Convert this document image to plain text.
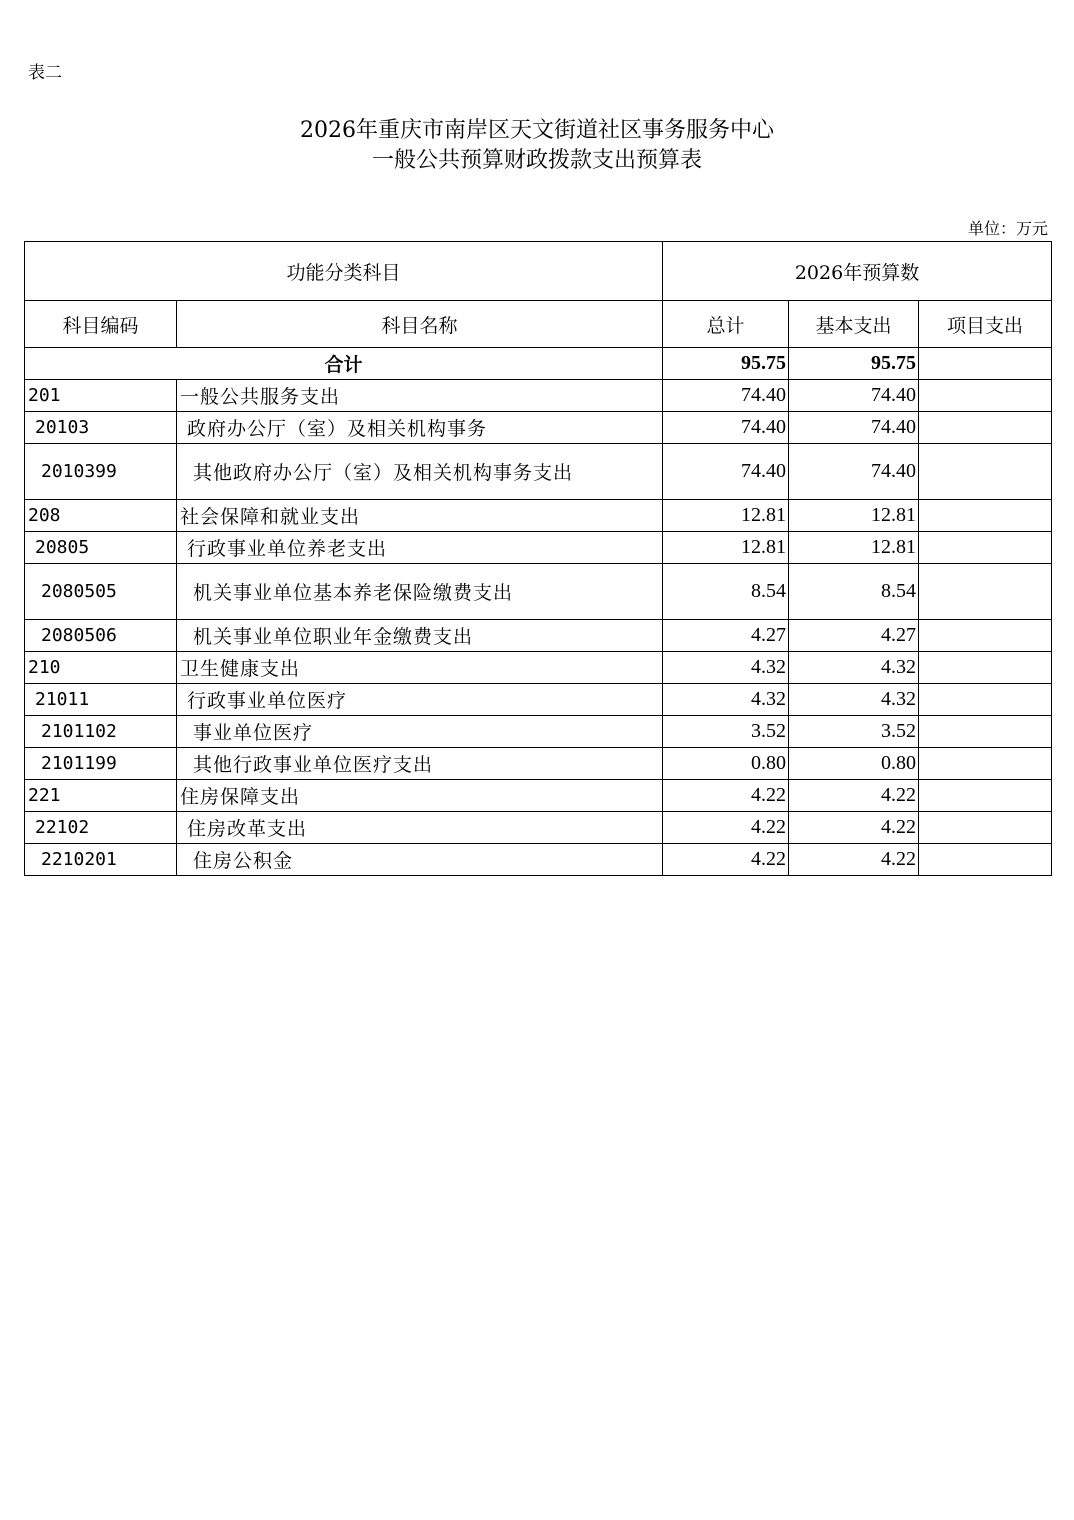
表二
2026年重庆市南岸区天文街道社区事务服务中心
一般公共预算财政拨款支出预算表
单位：万元
功能分类科目		2026年预算数		
科目编码	科目名称	总计	基本支出	项目支出
合计		95.75	95.75	
201	一般公共服务支出	74.40	74.40	
20103	政府办公厅（室）及相关机构事务	74.40	74.40	
2010399	其他政府办公厅（室）及相关机构事务支出	74.40	74.40	
208	社会保障和就业支出	12.81	12.81	
20805	行政事业单位养老支出	12.81	12.81	
2080505	机关事业单位基本养老保险缴费支出	8.54	8.54	
2080506	机关事业单位职业年金缴费支出	4.27	4.27	
210	卫生健康支出	4.32	4.32	
21011	行政事业单位医疗	4.32	4.32	
2101102	事业单位医疗	3.52	3.52	
2101199	其他行政事业单位医疗支出	0.80	0.80	
221	住房保障支出	4.22	4.22	
22102	住房改革支出	4.22	4.22	
2210201	住房公积金	4.22	4.22	
